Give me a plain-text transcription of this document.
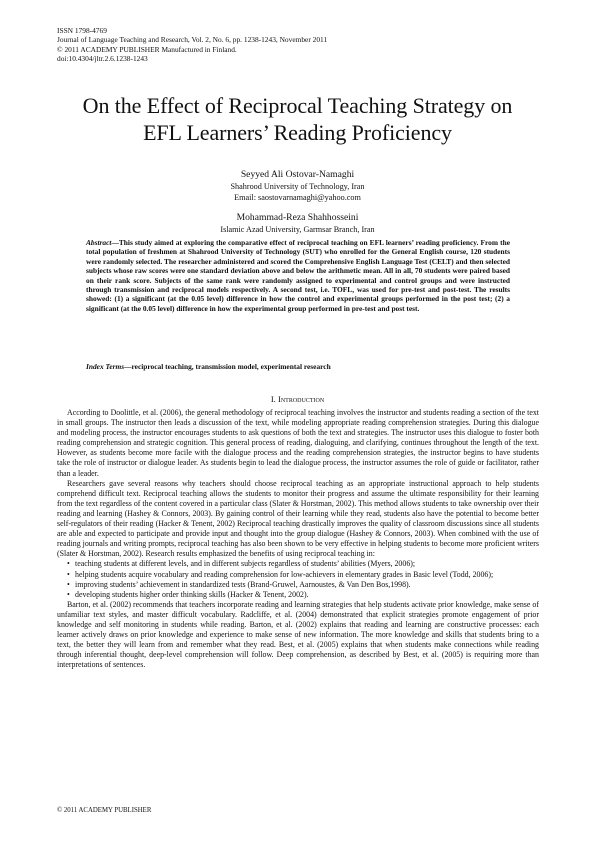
ISSN 1798-4769
Journal of Language Teaching and Research, Vol. 2, No. 6, pp. 1238-1243, November 2011
© 2011 ACADEMY PUBLISHER Manufactured in Finland.
doi:10.4304/jltr.2.6.1238-1243
On the Effect of Reciprocal Teaching Strategy on
EFL Learners’ Reading Proficiency
Seyyed Ali Ostovar-Namaghi
Shahrood University of Technology, Iran
Email: saostovarnamaghi@yahoo.com
Mohammad-Reza Shahhosseini
Islamic Azad University, Garmsar Branch, Iran
Abstract—This study aimed at exploring the comparative effect of reciprocal teaching on EFL learners’ reading proficiency. From the total population of freshmen at Shahrood University of Technology (SUT) who enrolled for the General English course, 120 students were randomly selected. The researcher administered and scored the Comprehensive English Language Test (CELT) and then selected subjects whose raw scores were one standard deviation above and below the arithmetic mean. All in all, 70 students were paired based on their rank score. Subjects of the same rank were randomly assigned to experimental and control groups and were instructed through transmission and reciprocal models respectively. A second test, i.e. TOFL, was used for pre-test and post-test. The results showed: (1) a significant (at the 0.05 level) difference in how the control and experimental groups performed in the post test; (2) a significant (at the 0.05 level) difference in how the experimental group performed in pre-test and post test.
Index Terms—reciprocal teaching, transmission model, experimental research
I. Introduction

According to Doolittle, et al. (2006), the general methodology of reciprocal teaching involves the instructor and students reading a section of the text in small groups. The instructor then leads a discussion of the text, while modeling appropriate reading comprehension strategies. During this dialogue and modeling process, the instructor encourages students to ask questions of both the text and strategies. The instructor uses this dialogue to foster both reading comprehension and strategic cognition. This general process of reading, dialoguing, and clarifying, continues throughout the length of the text. However, as students become more facile with the dialogue process and the reading comprehension strategies, the instructor begins to have students take the role of instructor or dialogue leader. As students begin to lead the dialogue process, the instructor assumes the role of guide or facilitator, rather than a leader.

Researchers gave several reasons why teachers should choose reciprocal teaching as an appropriate instructional approach to help students comprehend difficult text. Reciprocal teaching allows the students to monitor their progress and assume the ultimate responsibility for their learning from the text regardless of the content covered in a particular class (Slater & Horstman, 2002). This method allows students to take ownership over their reading and learning (Hashey & Connors, 2003). By gaining control of their learning while they read, students also have the potential to become better self-regulators of their reading (Hacker & Tenent, 2002) Reciprocal teaching drastically improves the quality of classroom discussions since all students are able and expected to participate and provide input and thought into the group dialogue (Hashey & Connors, 2003). When combined with the use of reading journals and writing prompts, reciprocal teaching has also been shown to be very effective in helping students to become more proficient writers (Slater & Horstman, 2002). Research results emphasized the benefits of using reciprocal teaching in:

• teaching students at different levels, and in different subjects regardless of students’ abilities (Myers, 2006);
• helping students acquire vocabulary and reading comprehension for low-achievers in elementary grades in Basic level (Todd, 2006);
• improving students’ achievement in standardized tests (Brand-Gruwel, Aarnoustes, & Van Den Bos,1998).
• developing students higher order thinking skills (Hacker & Tenent, 2002).

Barton, et al. (2002) recommends that teachers incorporate reading and learning strategies that help students activate prior knowledge, make sense of unfamiliar text styles, and master difficult vocabulary. Radcliffe, et al. (2004) demonstrated that explicit strategies promote engagement of prior knowledge and self monitoring in students while reading. Barton, et al. (2002) explains that reading and learning are constructive processes: each learner actively draws on prior knowledge and experience to make sense of new information. The more knowledge and skills that students bring to a text, the better they will learn from and remember what they read. Best, et al. (2005) explains that when students make connections while reading through inferential thought, deep-level comprehension will follow. Deep comprehension, as described by Best, et al. (2005) is requiring more than interpretations of sentences.

© 2011 ACADEMY PUBLISHER
